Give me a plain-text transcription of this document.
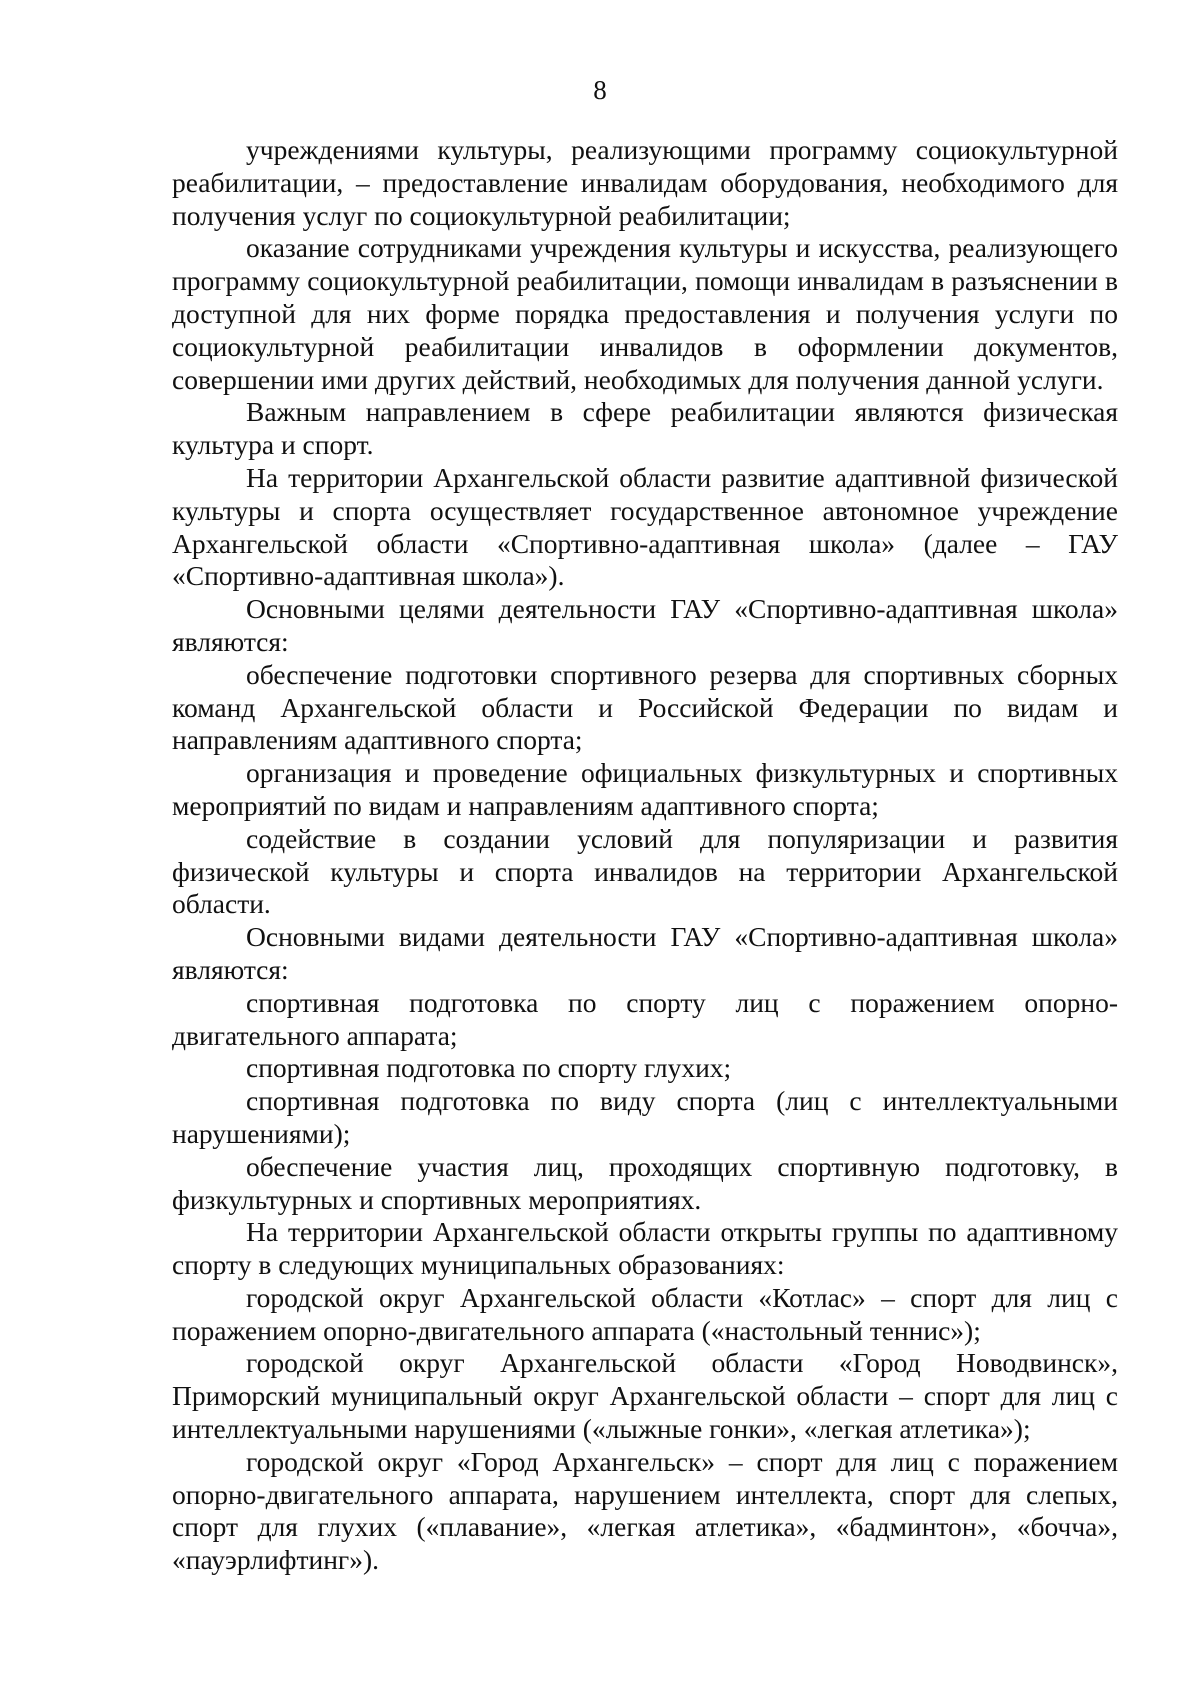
8

учреждениями культуры, реализующими программу социокультурной реабилитации, – предоставление инвалидам оборудования, необходимого для получения услуг по социокультурной реабилитации;

оказание сотрудниками учреждения культуры и искусства, реализующего программу социокультурной реабилитации, помощи инвалидам в разъяснении в доступной для них форме порядка предоставления и получения услуги по социокультурной реабилитации инвалидов в оформлении документов, совершении ими других действий, необходимых для получения данной услуги.

Важным направлением в сфере реабилитации являются физическая культура и спорт.

На территории Архангельской области развитие адаптивной физической культуры и спорта осуществляет государственное автономное учреждение Архангельской области «Спортивно-адаптивная школа» (далее – ГАУ «Спортивно-адаптивная школа»).

Основными целями деятельности ГАУ «Спортивно-адаптивная школа» являются:

обеспечение подготовки спортивного резерва для спортивных сборных команд Архангельской области и Российской Федерации по видам и направлениям адаптивного спорта;

организация и проведение официальных физкультурных и спортивных мероприятий по видам и направлениям адаптивного спорта;

содействие в создании условий для популяризации и развития физической культуры и спорта инвалидов на территории Архангельской области.

Основными видами деятельности ГАУ «Спортивно-адаптивная школа» являются:

спортивная подготовка по спорту лиц с поражением опорно-двигательного аппарата;

спортивная подготовка по спорту глухих;

спортивная подготовка по виду спорта (лиц с интеллектуальными нарушениями);

обеспечение участия лиц, проходящих спортивную подготовку, в физкультурных и спортивных мероприятиях.

На территории Архангельской области открыты группы по адаптивному спорту в следующих муниципальных образованиях:

городской округ Архангельской области «Котлас» – спорт для лиц с поражением опорно-двигательного аппарата («настольный теннис»);

городской округ Архангельской области «Город Новодвинск», Приморский муниципальный округ Архангельской области – спорт для лиц с интеллектуальными нарушениями («лыжные гонки», «легкая атлетика»);

городской округ «Город Архангельск» – спорт для лиц с поражением опорно-двигательного аппарата, нарушением интеллекта, спорт для слепых, спорт для глухих («плавание», «легкая атлетика», «бадминтон», «бочча», «пауэрлифтинг»).
